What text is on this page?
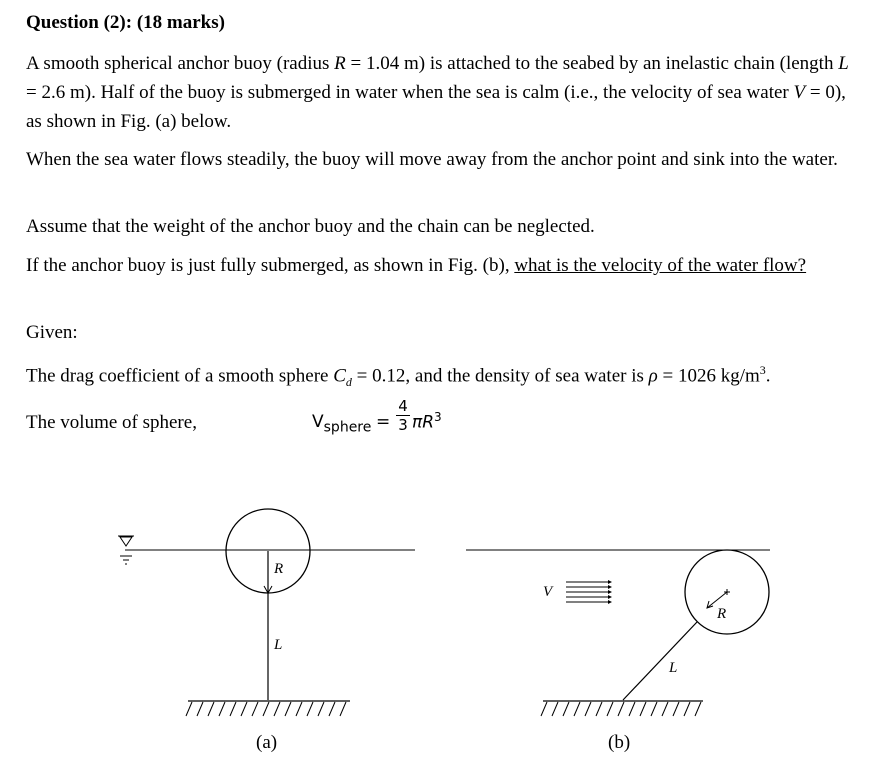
Question (2): (18 marks)
A smooth spherical anchor buoy (radius R = 1.04 m) is attached to the seabed by an inelastic chain (length L = 2.6 m). Half of the buoy is submerged in water when the sea is calm (i.e., the velocity of sea water V = 0), as shown in Fig. (a) below.
When the sea water flows steadily, the buoy will move away from the anchor point and sink into the water.
Assume that the weight of the anchor buoy and the chain can be neglected.
If the anchor buoy is just fully submerged, as shown in Fig. (b), what is the velocity of the water flow?
Given:
The drag coefficient of a smooth sphere $C_d = 0.12$, and the density of sea water is ρ = 1026 $kg/m^3$.
The volume of sphere,	$V_{sphere}$ =
4
3 $\pi R^3$
R
L
(a)
V
R
L
(b)
